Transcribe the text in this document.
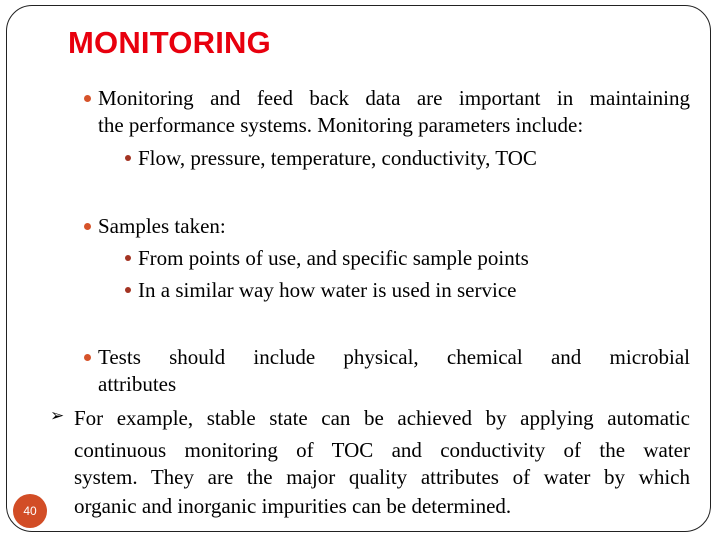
MONITORING
Monitoring and feed back data are important in maintaining
the performance systems. Monitoring parameters include:
Flow, pressure, temperature, conductivity, TOC
Samples taken:
From points of use, and specific sample points
In a similar way how water is used in service
Tests should include physical, chemical and microbial
attributes
➢ For example, stable state can be achieved by applying automatic
continuous monitoring of TOC and conductivity of the water
system. They are the major quality attributes of water by which
organic and inorganic impurities can be determined.
40
